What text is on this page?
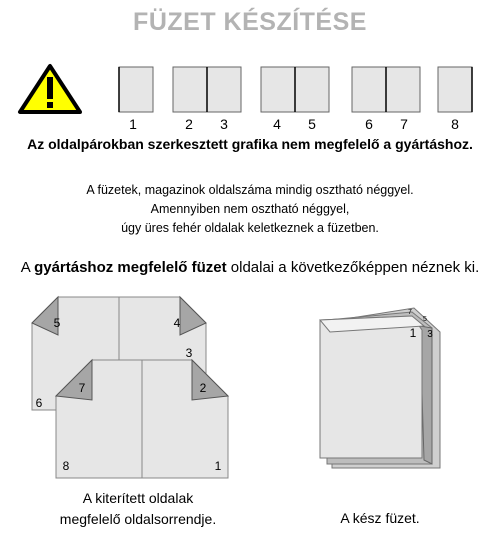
FÜZET KÉSZÍTÉSE
1	2 3	4 5	6 7	8
5	4
6
3
7	2
8	1
7
5
1 3
Az oldalpárokban szerkesztett grafika nem megfelelő a gyártáshoz.
A füzetek, magazinok oldalszáma mindig osztható néggyel.
Amennyiben nem osztható néggyel,
úgy üres fehér oldalak keletkeznek a füzetben.
A gyártáshoz megfelelő füzet oldalai a következőképpen néznek ki.
A kiterített oldalak
megfelelő oldalsorrendje.	A kész füzet.
